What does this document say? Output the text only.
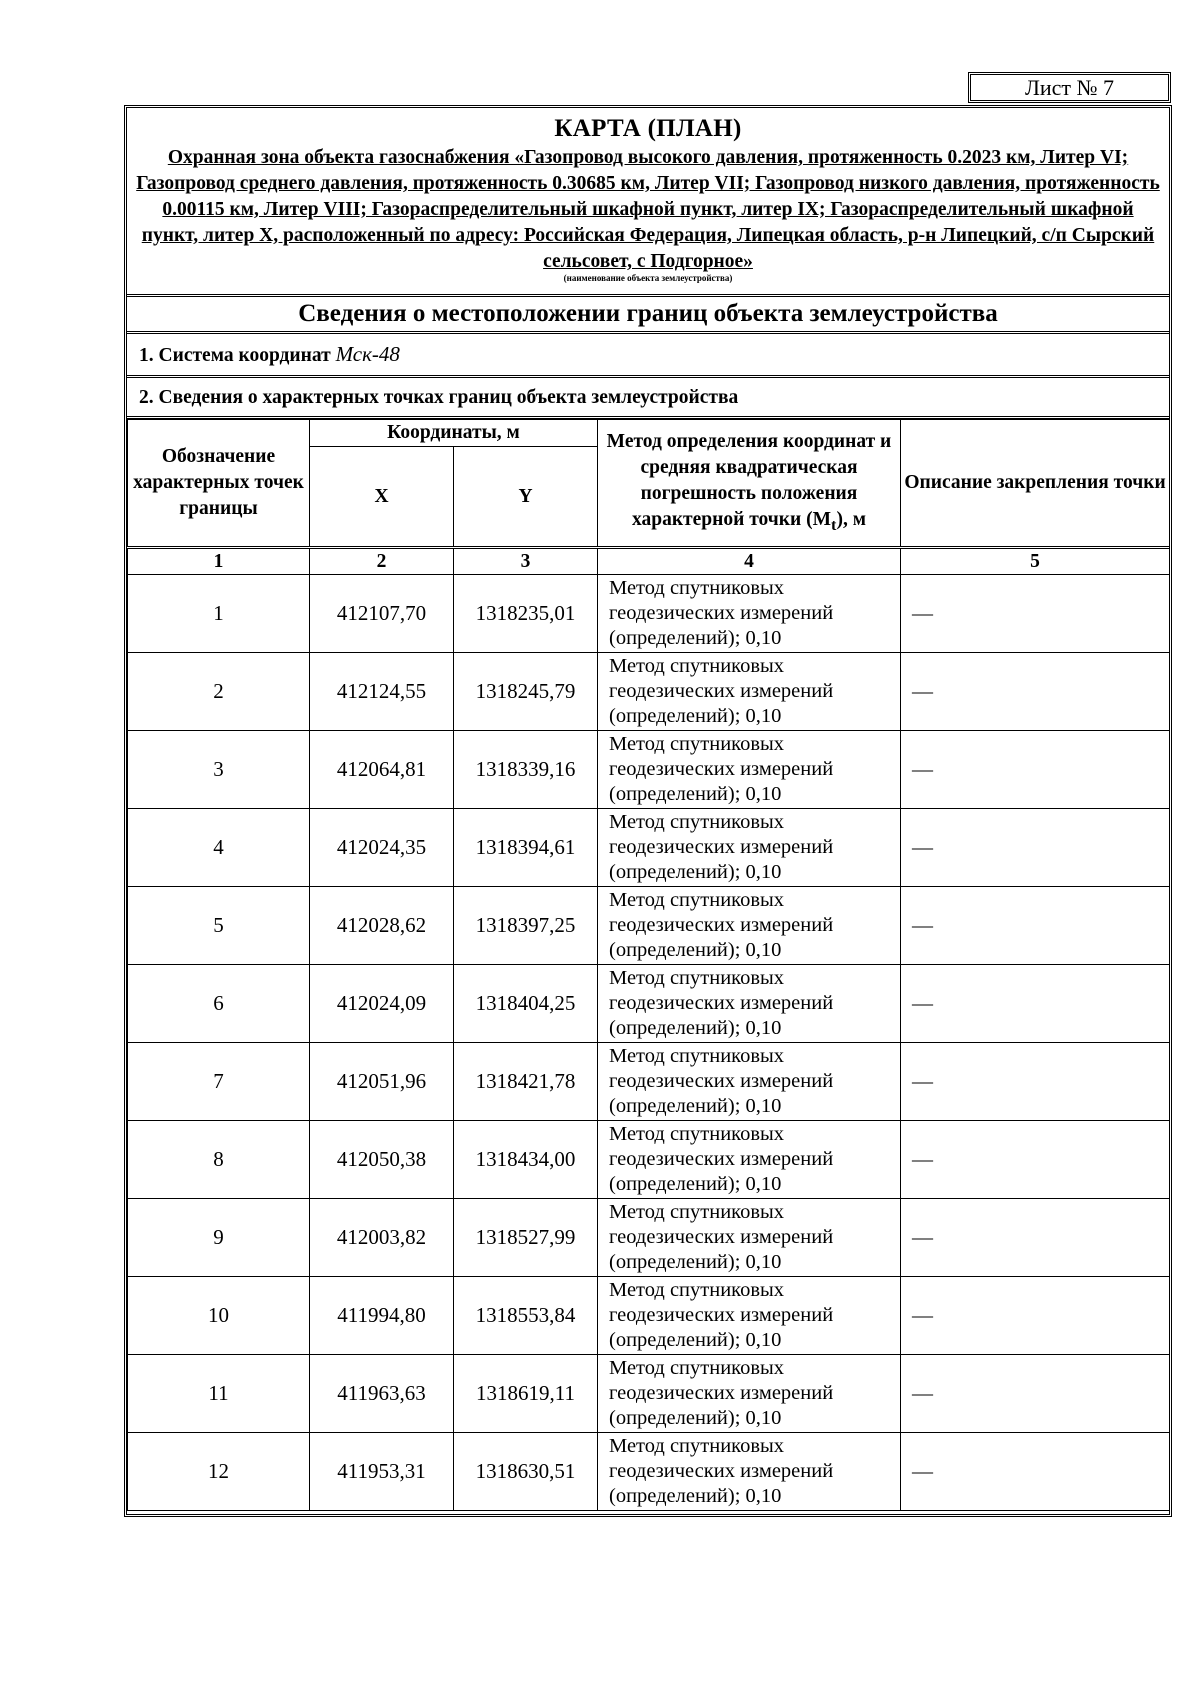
Лист № 7
КАРТА (ПЛАН)
Охранная зона объекта газоснабжения «Газопровод высокого давления, протяженность 0.2023 км, Литер VI; Газопровод среднего давления, протяженность 0.30685 км, Литер VII; Газопровод низкого давления, протяженность 0.00115 км, Литер VIII; Газораспределительный шкафной пункт, литер IX; Газораспределительный шкафной пункт, литер X, расположенный по адресу: Российская Федерация, Липецкая область, р-н Липецкий, с/п Сырский сельсовет, с Подгорное»
(наименование объекта землеустройства)
Сведения о местоположении границ объекта землеустройства
1. Система координат Мск-48
2. Сведения о характерных точках границ объекта землеустройства
Обозначение характерных точек границы	Координаты, м		Метод определения координат и средняя квадратическая погрешность положения характерной точки $(M_t)$, м	Описание закрепления точки
	X	Y		
1	2	3	4	5
1	412107,70	1318235,01	Метод спутниковых геодезических измерений (определений); 0,10	—
2	412124,55	1318245,79	Метод спутниковых геодезических измерений (определений); 0,10	—
3	412064,81	1318339,16	Метод спутниковых геодезических измерений (определений); 0,10	—
4	412024,35	1318394,61	Метод спутниковых геодезических измерений (определений); 0,10	—
5	412028,62	1318397,25	Метод спутниковых геодезических измерений (определений); 0,10	—
6	412024,09	1318404,25	Метод спутниковых геодезических измерений (определений); 0,10	—
7	412051,96	1318421,78	Метод спутниковых геодезических измерений (определений); 0,10	—
8	412050,38	1318434,00	Метод спутниковых геодезических измерений (определений); 0,10	—
9	412003,82	1318527,99	Метод спутниковых геодезических измерений (определений); 0,10	—
10	411994,80	1318553,84	Метод спутниковых геодезических измерений (определений); 0,10	—
11	411963,63	1318619,11	Метод спутниковых геодезических измерений (определений); 0,10	—
12	411953,31	1318630,51	Метод спутниковых геодезических измерений (определений); 0,10	—
